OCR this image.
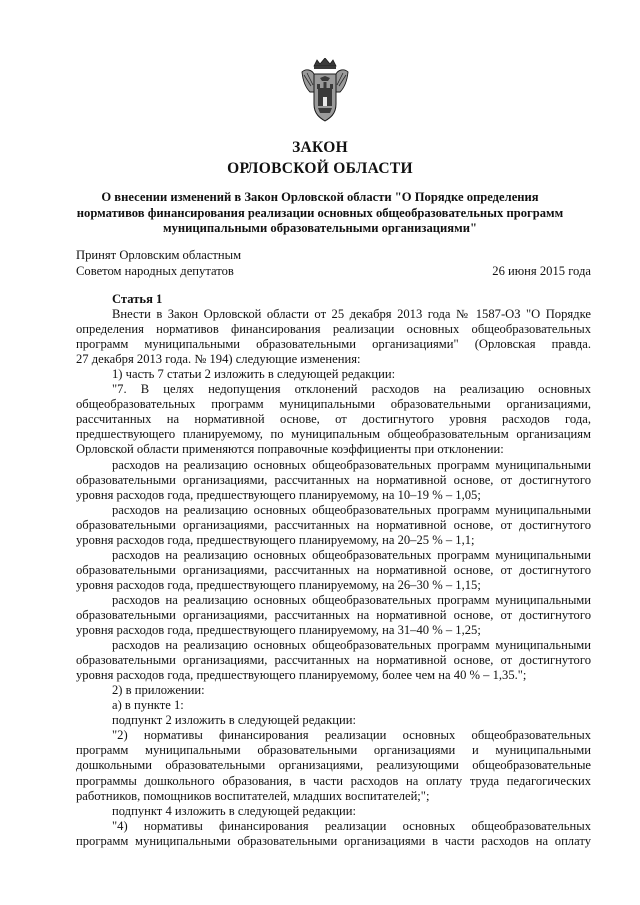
ЗАКОН
ОРЛОВСКОЙ ОБЛАСТИ
О внесении изменений в Закон Орловской области "О Порядке определения
нормативов финансирования реализации основных общеобразовательных программ
муниципальными образовательными организациями"
Принят Орловским областным
Советом народных депутатов	26 июня 2015 года

Статья 1

Внести в Закон Орловской области от 25 декабря 2013 года № 1587-ОЗ "О Порядке
определения нормативов финансирования реализации основных общеобразовательных
программ муниципальными образовательными организациями" (Орловская правда.
27 декабря 2013 года. № 194) следующие изменения:
1) часть 7 статьи 2 изложить в следующей редакции:
"7. В целях недопущения отклонений расходов на реализацию основных
общеобразовательных программ муниципальными образовательными организациями,
рассчитанных на нормативной основе, от достигнутого уровня расходов года,
предшествующего планируемому, по муниципальным общеобразовательным организациям
Орловской области применяются поправочные коэффициенты при отклонении:
расходов на реализацию основных общеобразовательных программ муниципальными
образовательными организациями, рассчитанных на нормативной основе, от достигнутого
уровня расходов года, предшествующего планируемому, на 10–19 % – 1,05;
расходов на реализацию основных общеобразовательных программ муниципальными
образовательными организациями, рассчитанных на нормативной основе, от достигнутого
уровня расходов года, предшествующего планируемому, на 20–25 % – 1,1;
расходов на реализацию основных общеобразовательных программ муниципальными
образовательными организациями, рассчитанных на нормативной основе, от достигнутого
уровня расходов года, предшествующего планируемому, на 26–30 % – 1,15;
расходов на реализацию основных общеобразовательных программ муниципальными
образовательными организациями, рассчитанных на нормативной основе, от достигнутого
уровня расходов года, предшествующего планируемому, на 31–40 % – 1,25;
расходов на реализацию основных общеобразовательных программ муниципальными
образовательными организациями, рассчитанных на нормативной основе, от достигнутого
уровня расходов года, предшествующего планируемому, более чем на 40 % – 1,35.";
2) в приложении:
а) в пункте 1:
подпункт 2 изложить в следующей редакции:
"2) нормативы финансирования реализации основных общеобразовательных
программ муниципальными образовательными организациями и муниципальными
дошкольными образовательными организациями, реализующими общеобразовательные
программы дошкольного образования, в части расходов на оплату труда педагогических
работников, помощников воспитателей, младших воспитателей;";
подпункт 4 изложить в следующей редакции:
"4) нормативы финансирования реализации основных общеобразовательных
программ муниципальными образовательными организациями в части расходов на оплату
